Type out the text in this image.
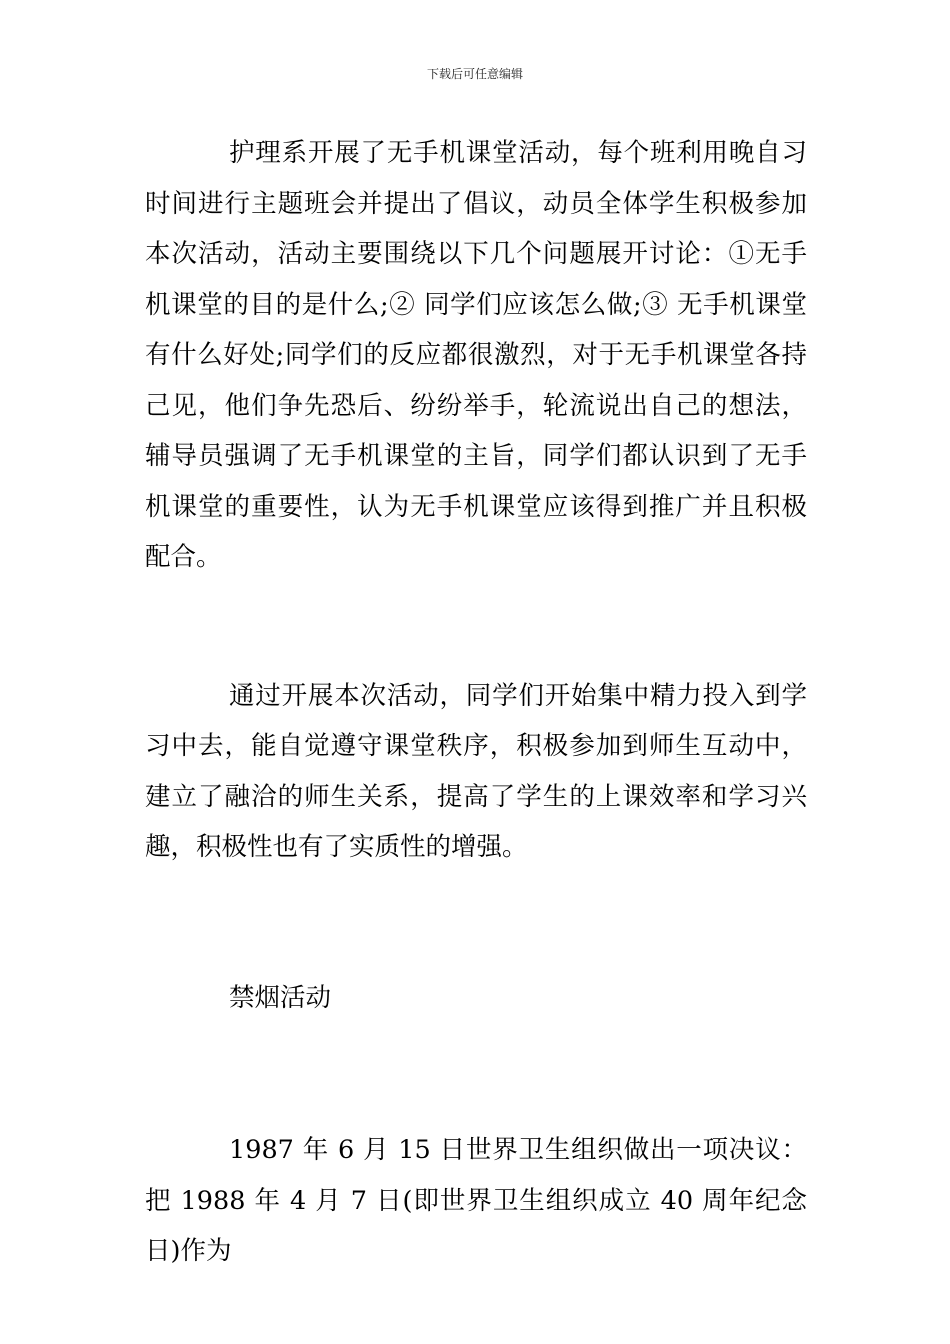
下载后可任意编辑

护理系开展了无手机课堂活动，每个班利用晚自习时间进行主题班会并提出了倡议，动员全体学生积极参加本次活动，活动主要围绕以下几个问题展开讨论：①无手机课堂的目的是什么;② 同学们应该怎么做;③ 无手机课堂有什么好处;同学们的反应都很激烈，对于无手机课堂各持己见，他们争先恐后、纷纷举手，轮流说出自己的想法，辅导员强调了无手机课堂的主旨，同学们都认识到了无手机课堂的重要性，认为无手机课堂应该得到推广并且积极配合。

通过开展本次活动，同学们开始集中精力投入到学习中去，能自觉遵守课堂秩序，积极参加到师生互动中，建立了融洽的师生关系，提高了学生的上课效率和学习兴趣，积极性也有了实质性的增强。

禁烟活动

1987 年 6 月 15 日世界卫生组织做出一项决议：把 1988 年 4 月 7 日(即世界卫生组织成立 40 周年纪念日)作为
